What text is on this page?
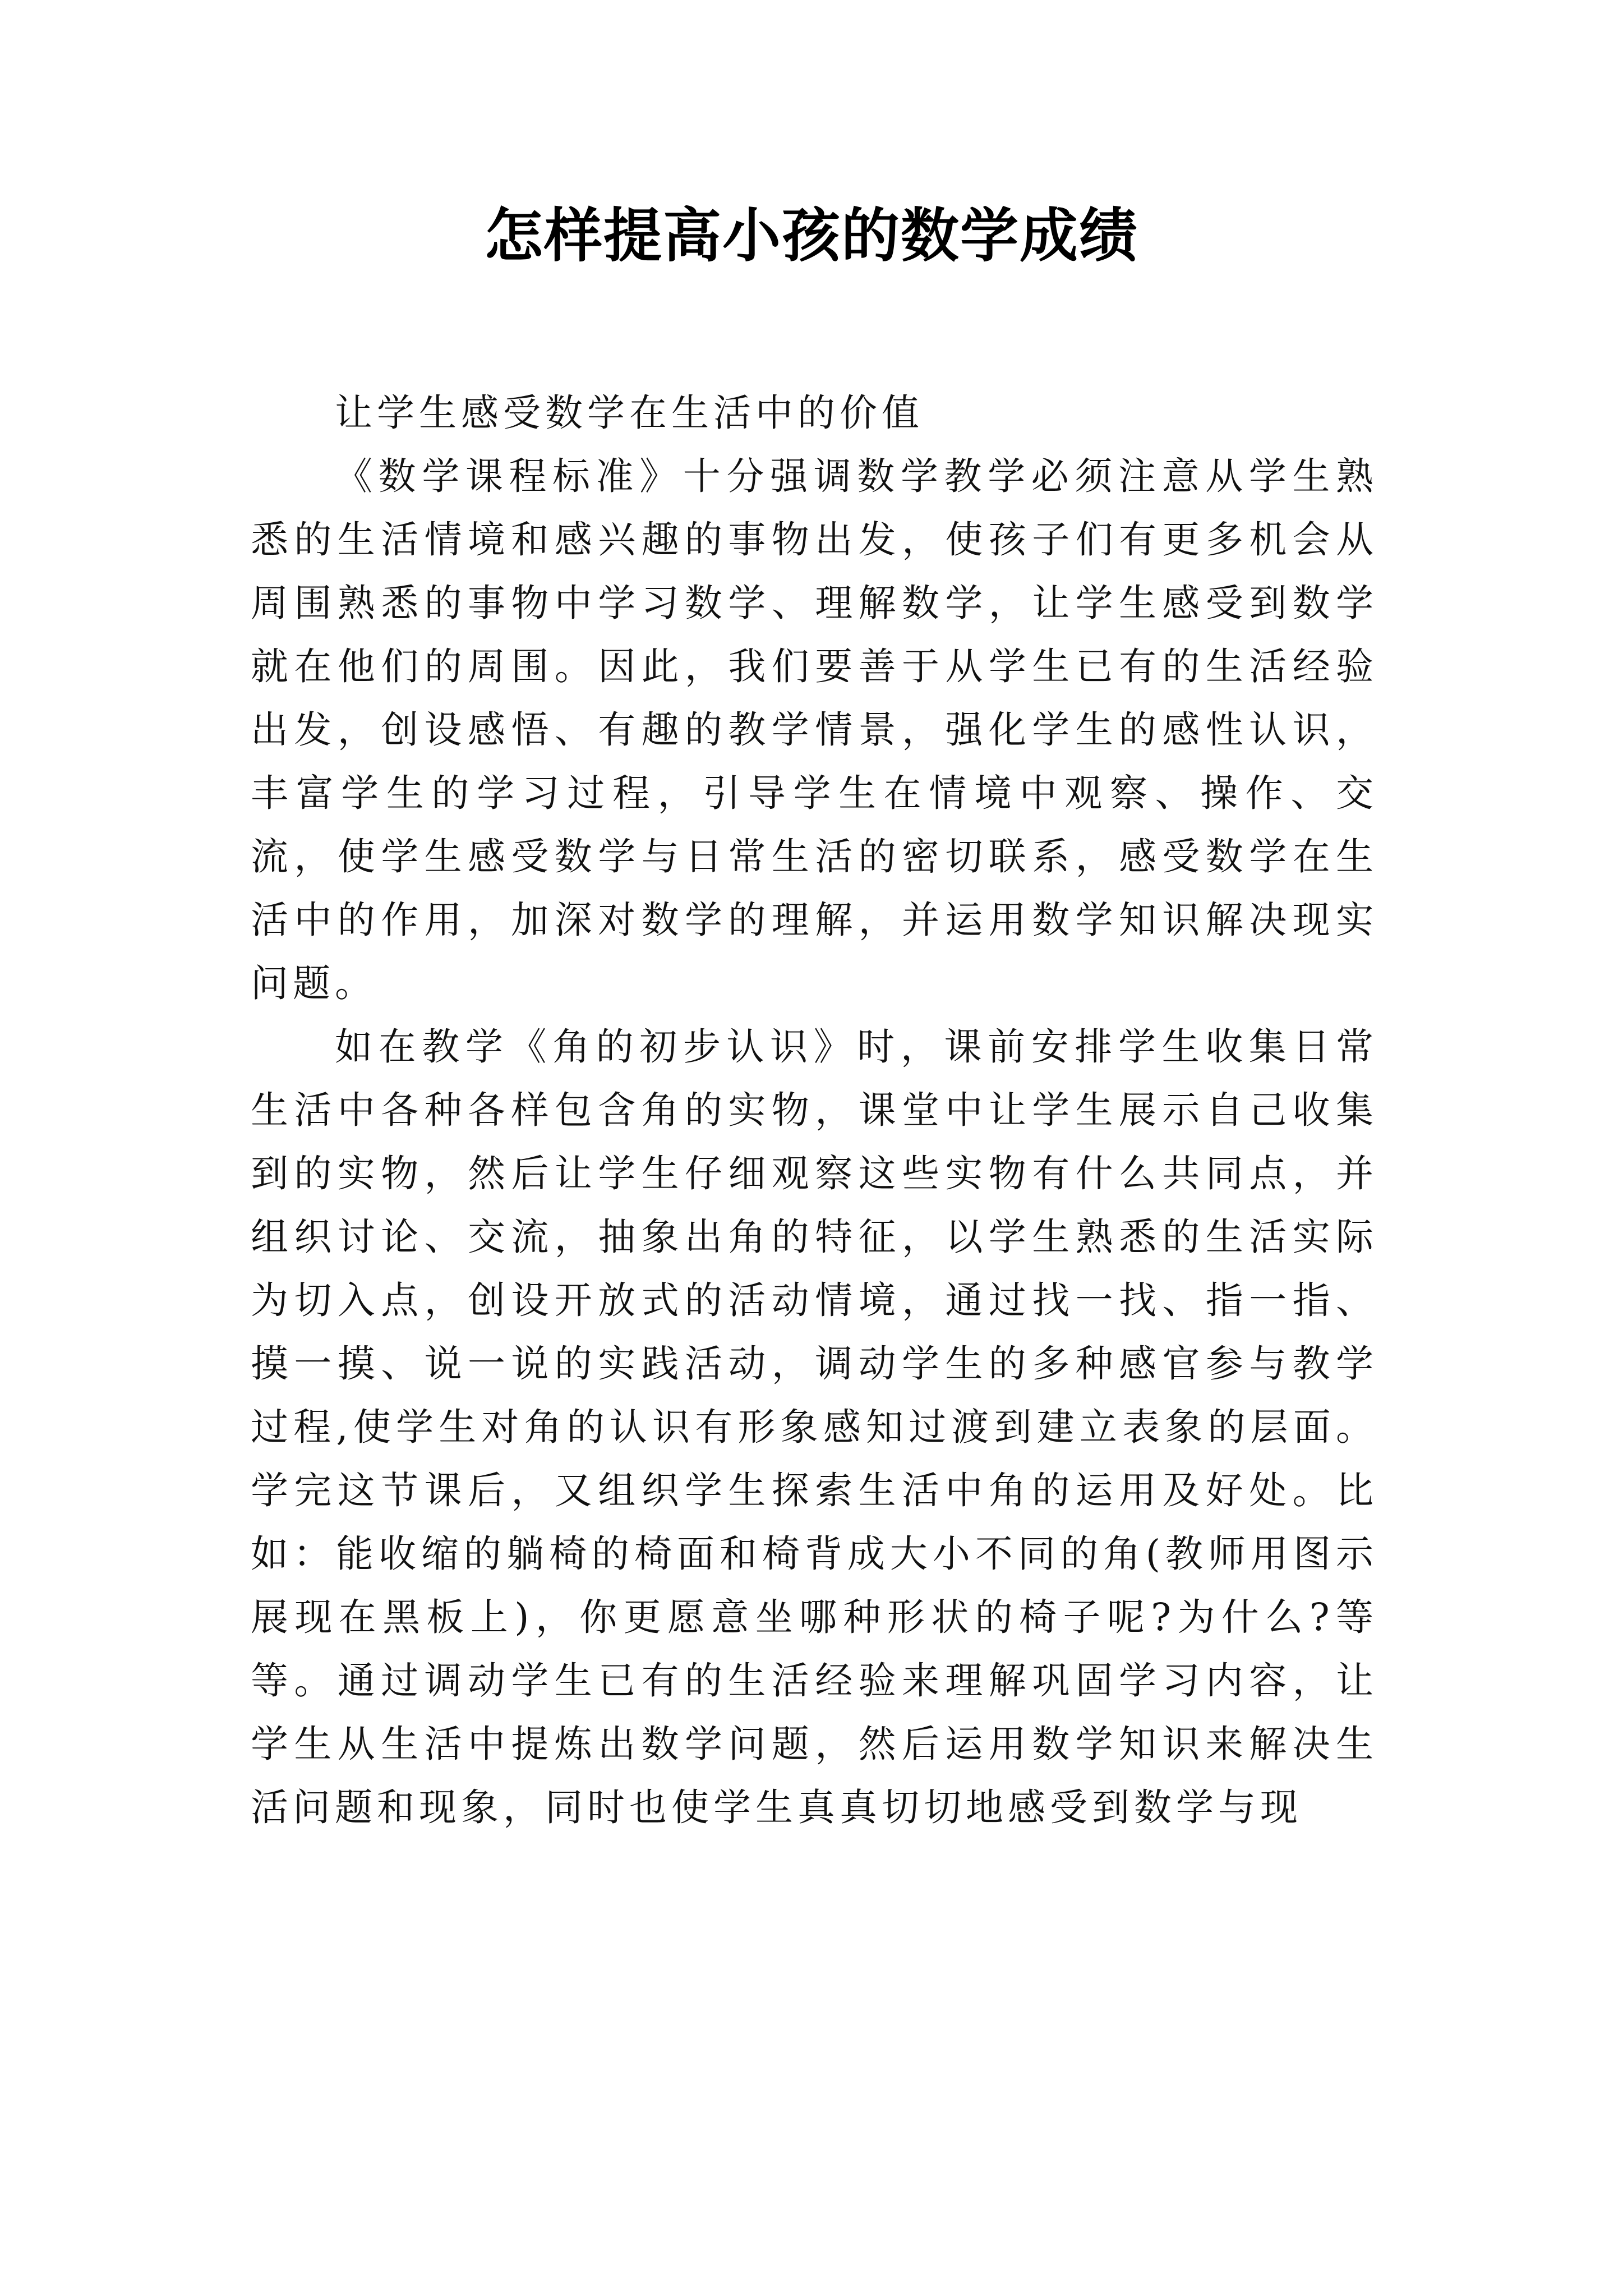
怎样提高小孩的数学成绩

让学生感受数学在生活中的价值

《数学课程标准》十分强调数学教学必须注意从学生熟悉的生活情境和感兴趣的事物出发，使孩子们有更多机会从周围熟悉的事物中学习数学、理解数学，让学生感受到数学就在他们的周围。因此，我们要善于从学生已有的生活经验出发，创设感悟、有趣的教学情景，强化学生的感性认识，丰富学生的学习过程，引导学生在情境中观察、操作、交流，使学生感受数学与日常生活的密切联系，感受数学在生活中的作用，加深对数学的理解，并运用数学知识解决现实问题。

如在教学《角的初步认识》时，课前安排学生收集日常生活中各种各样包含角的实物，课堂中让学生展示自己收集到的实物，然后让学生仔细观察这些实物有什么共同点，并组织讨论、交流，抽象出角的特征，以学生熟悉的生活实际为切入点，创设开放式的活动情境，通过找一找、指一指、摸一摸、说一说的实践活动，调动学生的多种感官参与教学过程,使学生对角的认识有形象感知过渡到建立表象的层面。学完这节课后，又组织学生探索生活中角的运用及好处。比如：能收缩的躺椅的椅面和椅背成大小不同的角(教师用图示展现在黑板上)，你更愿意坐哪种形状的椅子呢?为什么?等等。通过调动学生已有的生活经验来理解巩固学习内容，让学生从生活中提炼出数学问题，然后运用数学知识来解决生活问题和现象，同时也使学生真真切切地感受到数学与现
